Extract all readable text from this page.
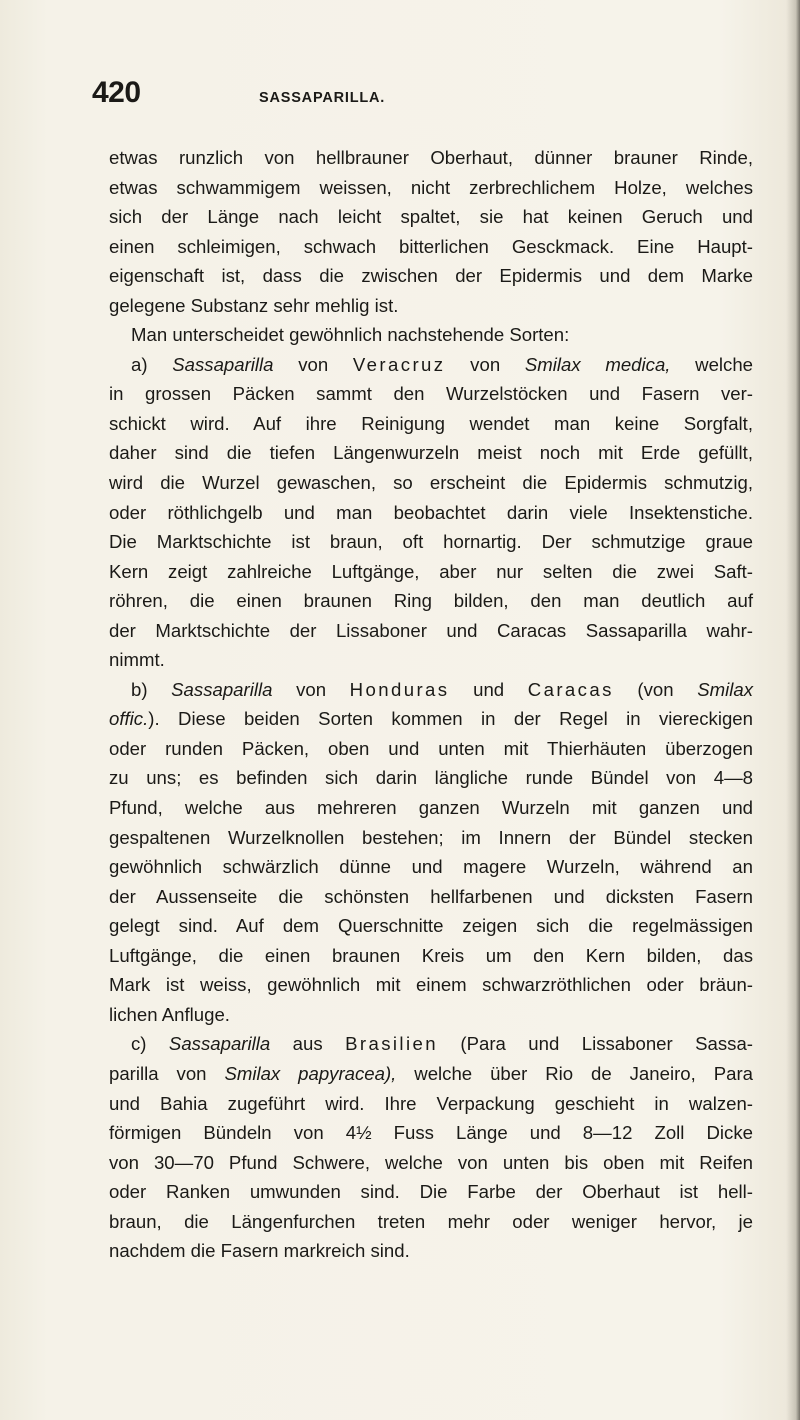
420	SASSAPARILLA.
etwas runzlich von hellbrauner Oberhaut, dünner brauner Rinde,
etwas schwammigem weissen, nicht zerbrechlichem Holze, welches
sich der Länge nach leicht spaltet, sie hat keinen Geruch und
einen schleimigen, schwach bitterlichen Gesckmack. Eine Haupt-
eigenschaft ist, dass die zwischen der Epidermis und dem Marke
gelegene Substanz sehr mehlig ist.
Man unterscheidet gewöhnlich nachstehende Sorten:
a) Sassaparilla von Veracruz von Smilax medica, welche
in grossen Päcken sammt den Wurzelstöcken und Fasern ver-
schickt wird. Auf ihre Reinigung wendet man keine Sorgfalt,
daher sind die tiefen Längenwurzeln meist noch mit Erde gefüllt,
wird die Wurzel gewaschen, so erscheint die Epidermis schmutzig,
oder röthlichgelb und man beobachtet darin viele Insektenstiche.
Die Marktschichte ist braun, oft hornartig. Der schmutzige graue
Kern zeigt zahlreiche Luftgänge, aber nur selten die zwei Saft-
röhren, die einen braunen Ring bilden, den man deutlich auf
der Marktschichte der Lissaboner und Caracas Sassaparilla wahr-
nimmt.
b) Sassaparilla von Honduras und Caracas (von Smilax
offic.). Diese beiden Sorten kommen in der Regel in viereckigen
oder runden Päcken, oben und unten mit Thierhäuten überzogen
zu uns; es befinden sich darin längliche runde Bündel von 4—8
Pfund, welche aus mehreren ganzen Wurzeln mit ganzen und
gespaltenen Wurzelknollen bestehen; im Innern der Bündel stecken
gewöhnlich schwärzlich dünne und magere Wurzeln, während an
der Aussenseite die schönsten hellfarbenen und dicksten Fasern
gelegt sind. Auf dem Querschnitte zeigen sich die regelmässigen
Luftgänge, die einen braunen Kreis um den Kern bilden, das
Mark ist weiss, gewöhnlich mit einem schwarzröthlichen oder bräun-
lichen Anfluge.
c) Sassaparilla aus Brasilien (Para und Lissaboner Sassa-
parilla von Smilax papyracea), welche über Rio de Janeiro, Para
und Bahia zugeführt wird. Ihre Verpackung geschieht in walzen-
förmigen Bündeln von 4½ Fuss Länge und 8—12 Zoll Dicke
von 30—70 Pfund Schwere, welche von unten bis oben mit Reifen
oder Ranken umwunden sind. Die Farbe der Oberhaut ist hell-
braun, die Längenfurchen treten mehr oder weniger hervor, je
nachdem die Fasern markreich sind.
